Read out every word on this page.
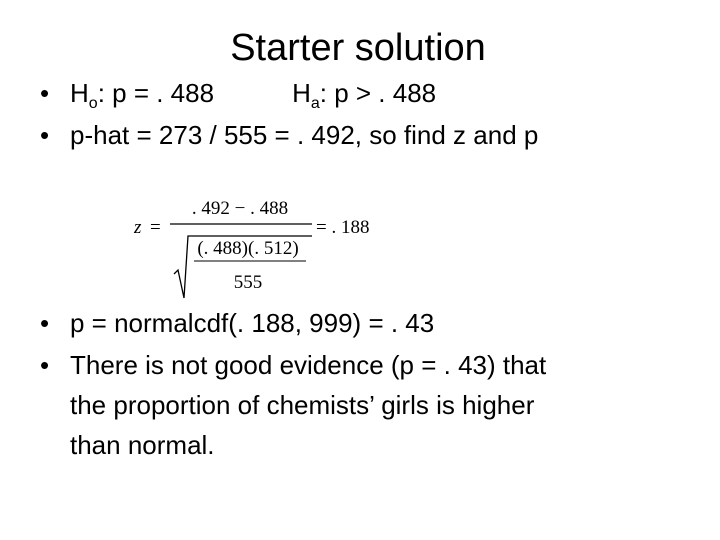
Starter solution
• $H_o$: p = . 488	$H_a$: p > . 488
• p-hat = 273 / 555 = . 492, so find z and p
z =
. 492 − . 488
(. 488)(. 512)
555
= . 188
• p = normalcdf(. 188, 999) = . 43
• There is not good evidence (p = . 43) that
the proportion of chemists’ girls is higher
than normal.
